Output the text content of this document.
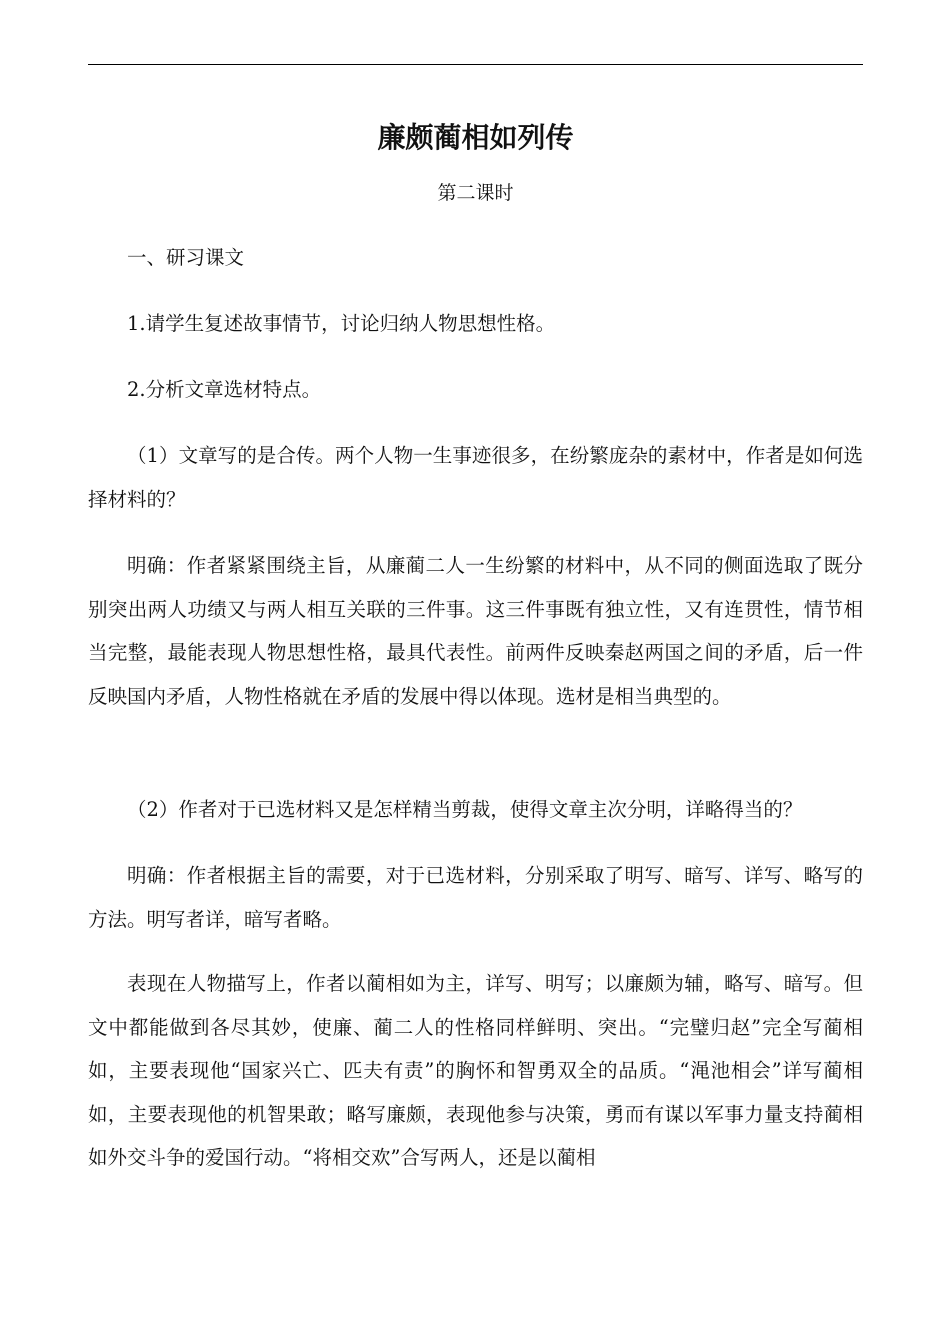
廉颇蔺相如列传
第二课时

一、研习课文

1.请学生复述故事情节，讨论归纳人物思想性格。

2.分析文章选材特点。

（1）文章写的是合传。两个人物一生事迹很多，在纷繁庞杂的素材中，作者是如何选择材料的？

明确：作者紧紧围绕主旨，从廉蔺二人一生纷繁的材料中，从不同的侧面选取了既分别突出两人功绩又与两人相互关联的三件事。这三件事既有独立性，又有连贯性，情节相当完整，最能表现人物思想性格，最具代表性。前两件反映秦赵两国之间的矛盾，后一件反映国内矛盾，人物性格就在矛盾的发展中得以体现。选材是相当典型的。

（2）作者对于已选材料又是怎样精当剪裁，使得文章主次分明，详略得当的？

明确：作者根据主旨的需要，对于已选材料，分别采取了明写、暗写、详写、略写的方法。明写者详，暗写者略。

表现在人物描写上，作者以蔺相如为主，详写、明写；以廉颇为辅，略写、暗写。但文中都能做到各尽其妙，使廉、蔺二人的性格同样鲜明、突出。“完璧归赵”完全写蔺相如，主要表现他“国家兴亡、匹夫有责”的胸怀和智勇双全的品质。“渑池相会”详写蔺相如，主要表现他的机智果敢；略写廉颇，表现他参与决策，勇而有谋以军事力量支持蔺相如外交斗争的爱国行动。“将相交欢”合写两人，还是以蔺相
